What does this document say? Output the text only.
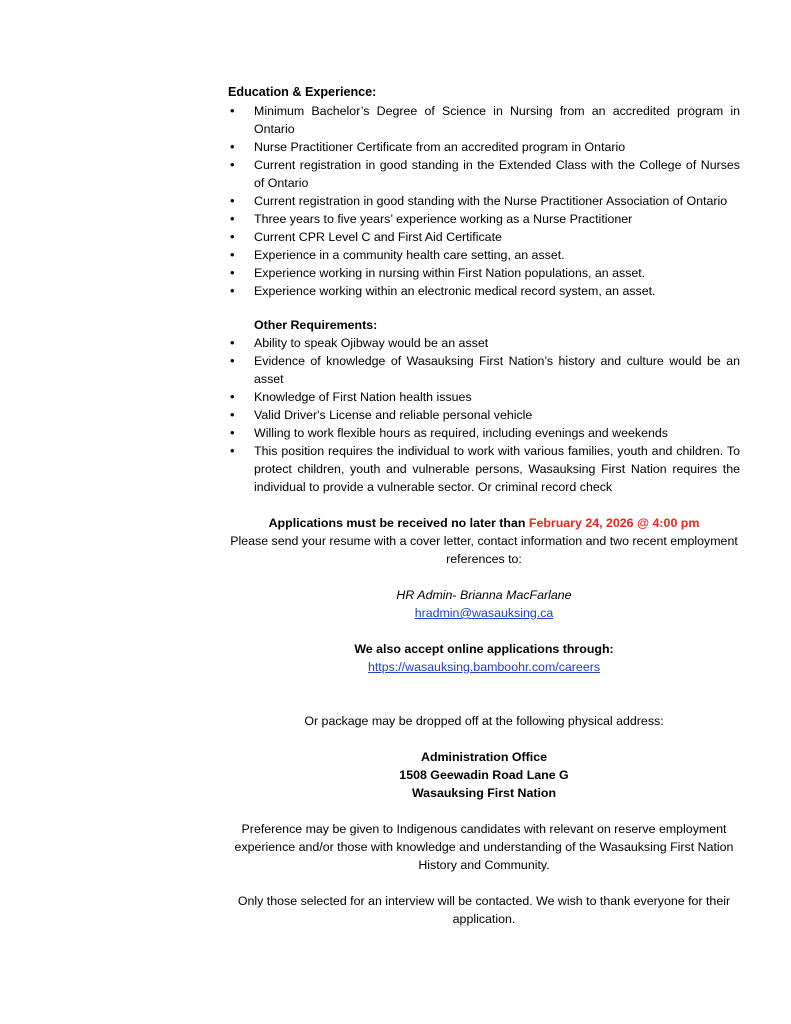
Education & Experience:
• Minimum Bachelor’s Degree of Science in Nursing from an accredited program in Ontario
• Nurse Practitioner Certificate from an accredited program in Ontario
• Current registration in good standing in the Extended Class with the College of Nurses of Ontario
• Current registration in good standing with the Nurse Practitioner Association of Ontario
• Three years to five years’ experience working as a Nurse Practitioner
• Current CPR Level C and First Aid Certificate
• Experience in a community health care setting, an asset.
• Experience working in nursing within First Nation populations, an asset.
• Experience working within an electronic medical record system, an asset.
Other Requirements:
• Ability to speak Ojibway would be an asset
• Evidence of knowledge of Wasauksing First Nation’s history and culture would be an asset
• Knowledge of First Nation health issues
• Valid Driver's License and reliable personal vehicle
• Willing to work flexible hours as required, including evenings and weekends
• This position requires the individual to work with various families, youth and children. To protect children, youth and vulnerable persons, Wasauksing First Nation requires the individual to provide a vulnerable sector. Or criminal record check
Applications must be received no later than February 24, 2026 @ 4:00 pm
Please send your resume with a cover letter, contact information and two recent employment references to:
HR Admin- Brianna MacFarlane
hradmin@wasauksing.ca
We also accept online applications through:
https://wasauksing.bamboohr.com/careers
Or package may be dropped off at the following physical address:
Administration Office
1508 Geewadin Road Lane G
Wasauksing First Nation
Preference may be given to Indigenous candidates with relevant on reserve employment experience and/or those with knowledge and understanding of the Wasauksing First Nation History and Community.
Only those selected for an interview will be contacted. We wish to thank everyone for their application.
